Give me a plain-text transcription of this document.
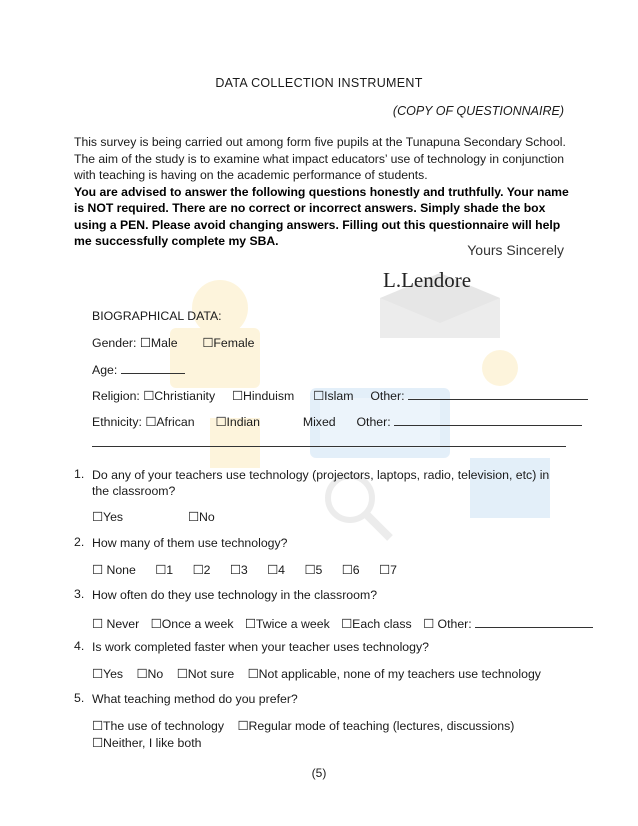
DATA COLLECTION INSTRUMENT
(COPY OF QUESTIONNAIRE)
This survey is being carried out among form five pupils at the Tunapuna Secondary School. The aim of the study is to examine what impact educators’ use of technology in conjunction with teaching is having on the academic performance of students.
You are advised to answer the following questions honestly and truthfully. Your name is NOT required. There are no correct or incorrect answers. Simply shade the box using a PEN. Please avoid changing answers. Filling out this questionnaire will help me successfully complete my SBA.
Yours Sincerely
L.Lendore
BIOGRAPHICAL DATA:
Gender: ☐Male ☐Female
Age:
Religion: ☐Christianity ☐Hinduism ☐Islam Other:
Ethnicity: ☐African ☐Indian	Mixed Other:
1. Do any of your teachers use technology (projectors, laptops, radio, television, etc) in the classroom?
☐Yes	☐No
2. How many of them use technology?
☐ None ☐1 ☐2 ☐3 ☐4 ☐5 ☐6 ☐7
3. How often do they use technology in the classroom?
☐ Never ☐Once a week ☐Twice a week ☐Each class ☐ Other:
4. Is work completed faster when your teacher uses technology?
☐Yes ☐No ☐Not sure ☐Not applicable, none of my teachers use technology
5. What teaching method do you prefer?
☐The use of technology ☐Regular mode of teaching (lectures, discussions)
☐Neither, I like both
(5)
